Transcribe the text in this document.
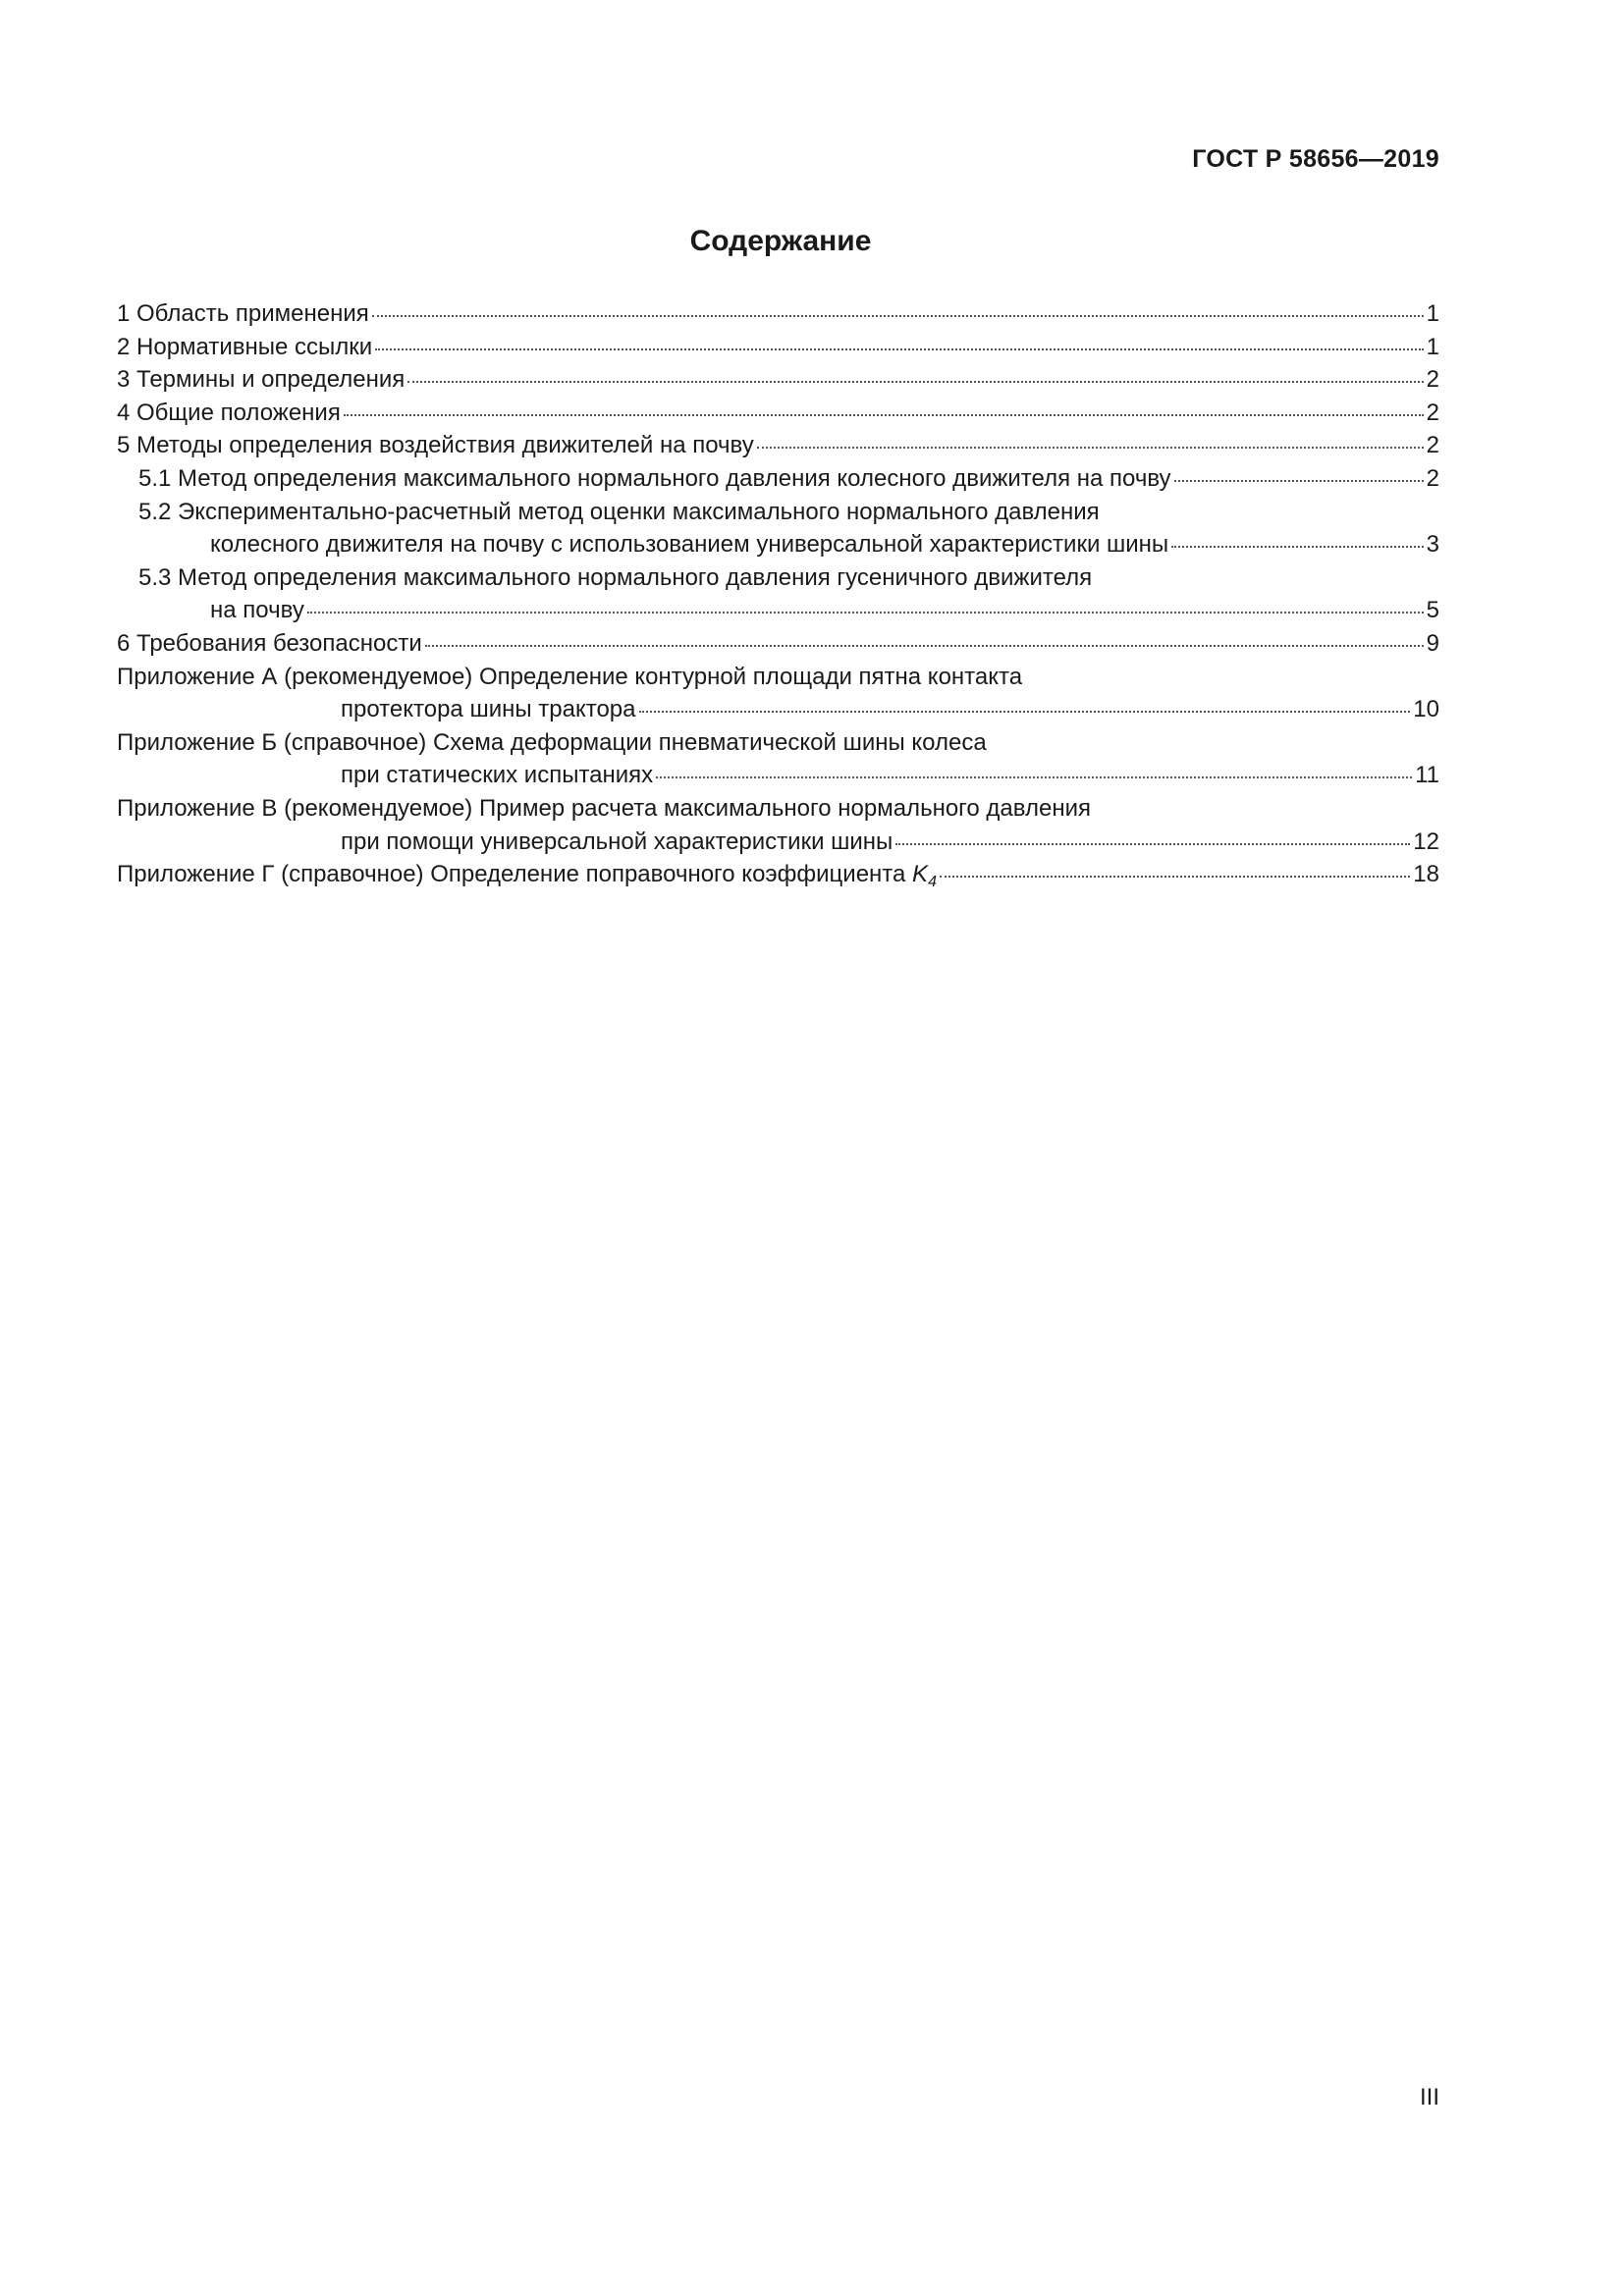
ГОСТ Р 58656—2019
Содержание
1 Область применения	1
2 Нормативные ссылки	1
3 Термины и определения	2
4 Общие положения	2
5 Методы определения воздействия движителей на почву	2
5.1 Метод определения максимального нормального давления колесного движителя на почву	2
5.2 Экспериментально-расчетный метод оценки максимального нормального давления
колесного движителя на почву с использованием универсальной характеристики шины	3
5.3 Метод определения максимального нормального давления гусеничного движителя
на почву	5
6 Требования безопасности	9
Приложение А (рекомендуемое) Определение контурной площади пятна контакта
протектора шины трактора	10
Приложение Б (справочное) Схема деформации пневматической шины колеса
при статических испытаниях	11
Приложение В (рекомендуемое) Пример расчета максимального нормального давления
при помощи универсальной характеристики шины	12
Приложение Г (справочное) Определение поправочного коэффициента $K_4$	18
III
